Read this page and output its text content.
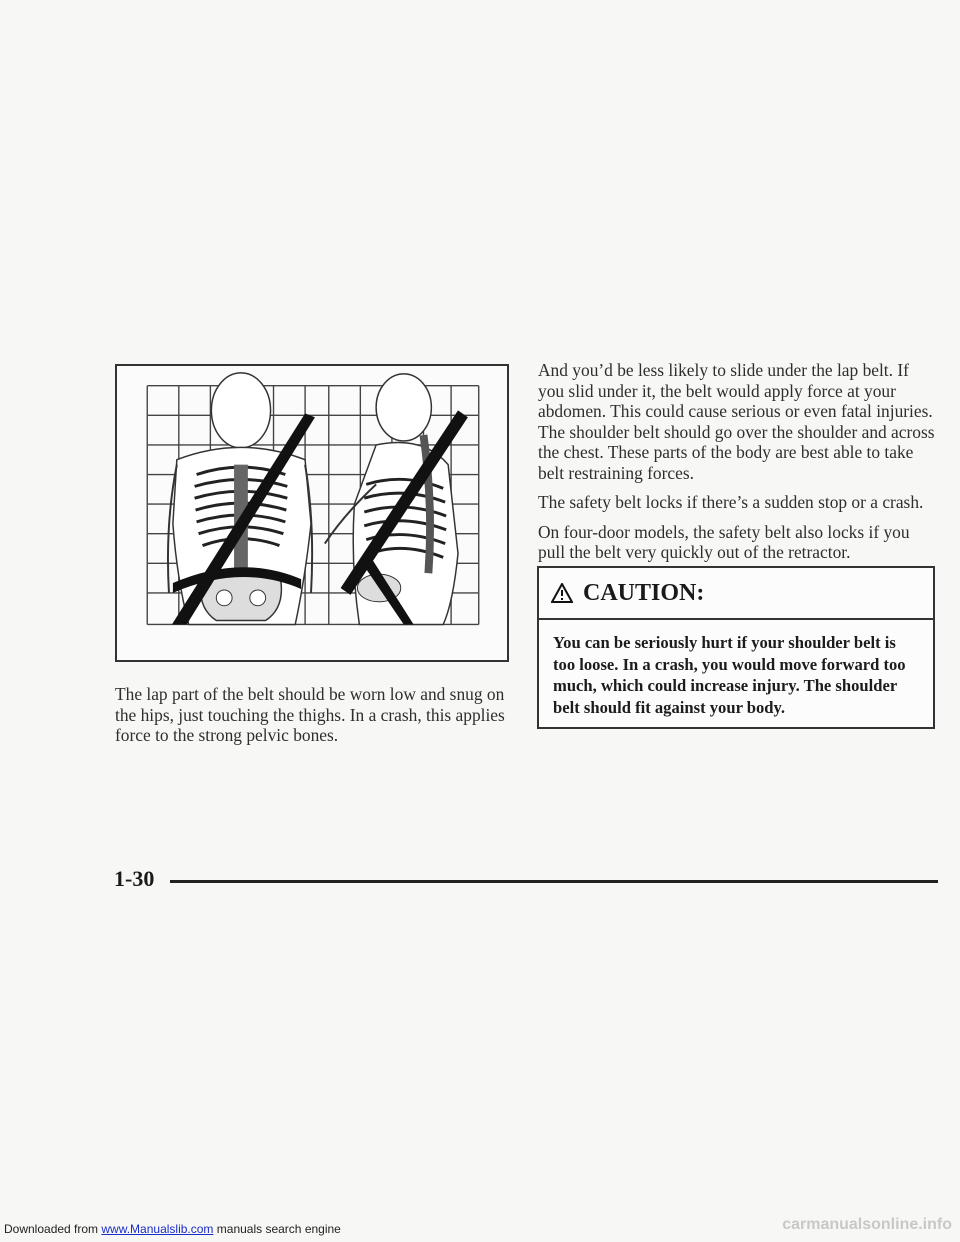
The lap part of the belt should be worn low and snug on the hips, just touching the thighs. In a crash, this applies force to the strong pelvic bones.

And you’d be less likely to slide under the lap belt. If you slid under it, the belt would apply force at your abdomen. This could cause serious or even fatal injuries. The shoulder belt should go over the shoulder and across the chest. These parts of the body are best able to take belt restraining forces.

The safety belt locks if there’s a sudden stop or a crash.

On four-door models, the safety belt also locks if you pull the belt very quickly out of the retractor.

CAUTION:
You can be seriously hurt if your shoulder belt is too loose. In a crash, you would move forward too much, which could increase injury. The shoulder belt should fit against your body.
1-30
Downloaded from www.Manualslib.com manuals search engine	carmanualsonline.info
